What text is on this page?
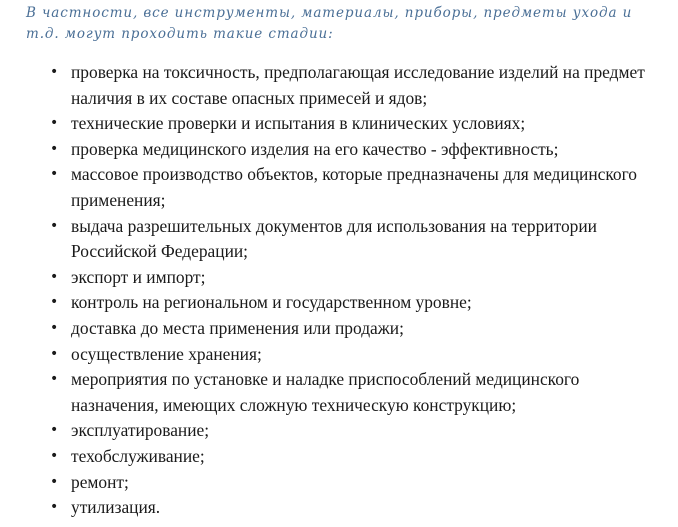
В частности, все инструменты, материалы, приборы, предметы ухода и т.д. могут проходить такие стадии:

• проверка на токсичность, предполагающая исследование изделий на предмет наличия в их составе опасных примесей и ядов;
• технические проверки и испытания в клинических условиях;
• проверка медицинского изделия на его качество - эффективность;
• массовое производство объектов, которые предназначены для медицинского применения;
• выдача разрешительных документов для использования на территории Российской Федерации;
• экспорт и импорт;
• контроль на региональном и государственном уровне;
• доставка до места применения или продажи;
• осуществление хранения;
• мероприятия по установке и наладке приспособлений медицинского назначения, имеющих сложную техническую конструкцию;
• эксплуатирование;
• техобслуживание;
• ремонт;
• утилизация.
